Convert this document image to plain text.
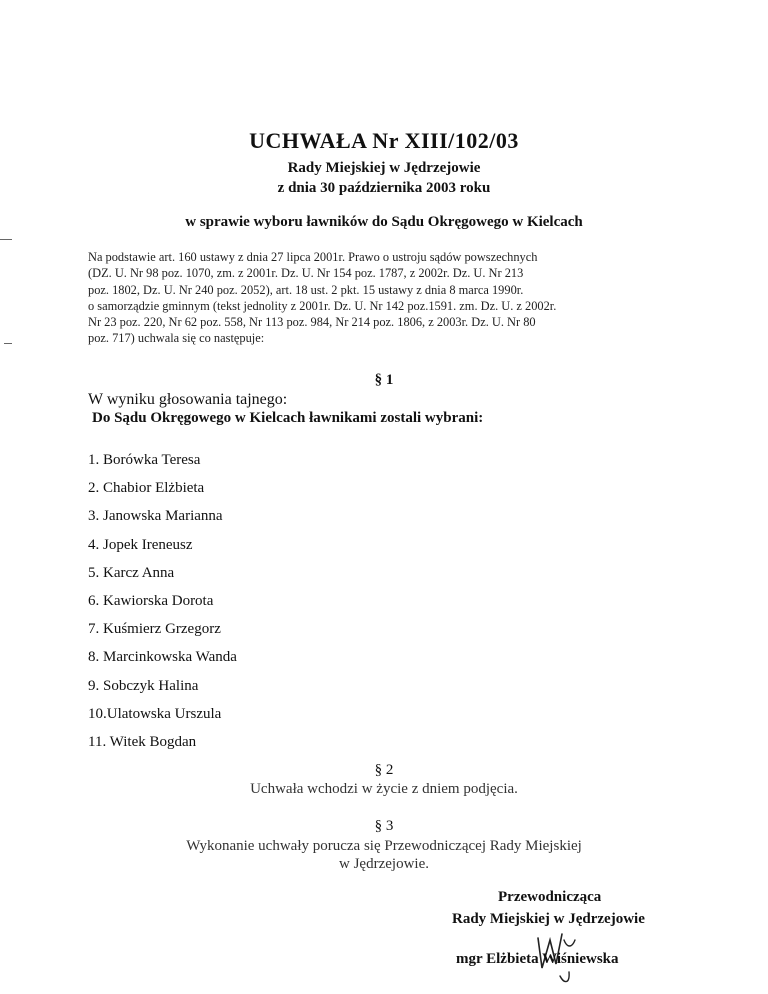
UCHWAŁA Nr XIII/102/03
Rady Miejskiej w Jędrzejowie
z dnia 30 października 2003 roku
w sprawie wyboru ławników do Sądu Okręgowego w Kielcach
Na podstawie art. 160 ustawy z dnia 27 lipca 2001r. Prawo o ustroju sądów powszechnych
(DZ. U. Nr 98 poz. 1070, zm. z 2001r. Dz. U. Nr 154 poz. 1787, z 2002r. Dz. U. Nr 213
poz. 1802, Dz. U. Nr 240 poz. 2052), art. 18 ust. 2 pkt. 15 ustawy z dnia 8 marca 1990r.
o samorządzie gminnym (tekst jednolity z 2001r. Dz. U. Nr 142 poz.1591. zm. Dz. U. z 2002r.
Nr 23 poz. 220, Nr 62 poz. 558, Nr 113 poz. 984, Nr 214 poz. 1806, z 2003r. Dz. U. Nr 80
poz. 717) uchwala się co następuje:
§ 1
W wyniku głosowania tajnego:
Do Sądu Okręgowego w Kielcach ławnikami zostali wybrani:
1. Borówka Teresa
2. Chabior Elżbieta
3. Janowska Marianna
4. Jopek Ireneusz
5. Karcz Anna
6. Kawiorska Dorota
7. Kuśmierz Grzegorz
8. Marcinkowska Wanda
9. Sobczyk Halina
10.Ulatowska Urszula
11. Witek Bogdan
§ 2
Uchwała wchodzi w życie z dniem podjęcia.
§ 3
Wykonanie uchwały poruczа się Przewodniczącej Rady Miejskiej
w Jędrzejowie.
Przewodnicząca
Rady Miejskiej w Jędrzejowie
mgr Elżbieta Wiśniewska
